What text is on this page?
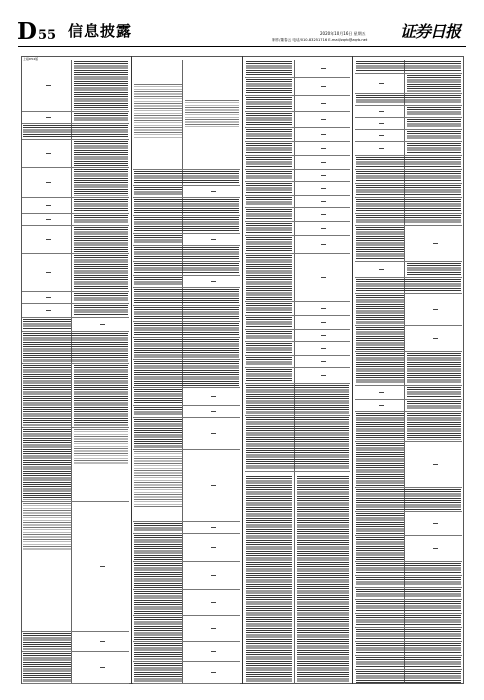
D55 信息披露	2020年10月16日 星期五
制作/董春云 电话/010-83251716 E-mail/zqrb@zqrb.net 证券日报
上接D54版
